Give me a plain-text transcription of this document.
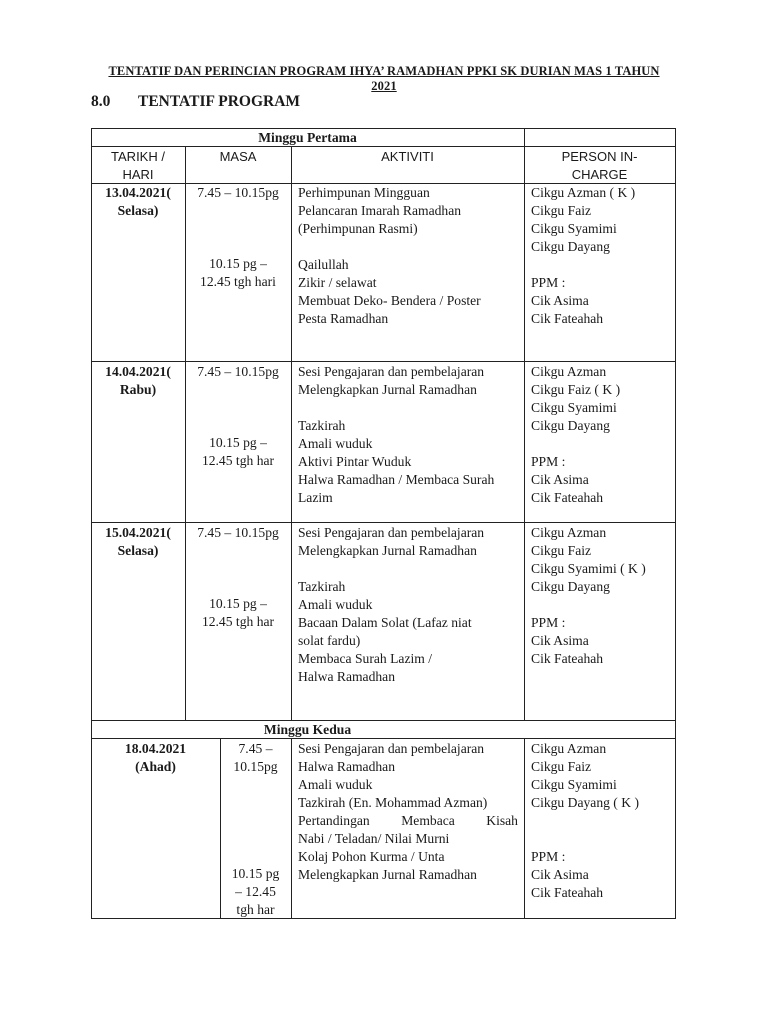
TENTATIF DAN PERINCIAN PROGRAM IHYA’ RAMADHAN PPKI SK DURIAN MAS 1 TAHUN 2021
8.0 TENTATIF PROGRAM
Minggu Pertama
TARIKH /
HARI
MASA	AKTIVITI	PERSON IN-
CHARGE
13.04.2021(
Selasa)
7.45 – 10.15pg
10.15 pg –
12.45 tgh hari
Perhimpunan Mingguan
Pelancaran Imarah Ramadhan
(Perhimpunan Rasmi)
Qailullah
Zikir / selawat
Membuat Deko- Bendera / Poster
Pesta Ramadhan
Cikgu Azman ( K )
Cikgu Faiz
Cikgu Syamimi
Cikgu Dayang
PPM :
Cik Asima
Cik Fateahah
14.04.2021(
Rabu)
7.45 – 10.15pg
10.15 pg –
12.45 tgh har
Sesi Pengajaran dan pembelajaran
Melengkapkan Jurnal Ramadhan
Tazkirah
Amali wuduk
Aktivi Pintar Wuduk
Halwa Ramadhan / Membaca Surah
Lazim
Cikgu Azman
Cikgu Faiz ( K )
Cikgu Syamimi
Cikgu Dayang
PPM :
Cik Asima
Cik Fateahah
15.04.2021(
Selasa)
7.45 – 10.15pg
10.15 pg –
12.45 tgh har
Sesi Pengajaran dan pembelajaran
Melengkapkan Jurnal Ramadhan
Tazkirah
Amali wuduk
Bacaan Dalam Solat (Lafaz niat
solat fardu)
Membaca Surah Lazim /
Halwa Ramadhan
Cikgu Azman
Cikgu Faiz
Cikgu Syamimi ( K )
Cikgu Dayang
PPM :
Cik Asima
Cik Fateahah
Minggu Kedua
18.04.2021
(Ahad)
7.45 –
10.15pg
10.15 pg
– 12.45
tgh har
Sesi Pengajaran dan pembelajaran
Halwa Ramadhan
Amali wuduk
Tazkirah (En. Mohammad Azman)
Pertandingan Membaca Kisah
Nabi / Teladan/ Nilai Murni
Kolaj Pohon Kurma / Unta
Melengkapkan Jurnal Ramadhan
Cikgu Azman
Cikgu Faiz
Cikgu Syamimi
Cikgu Dayang ( K )
PPM :
Cik Asima
Cik Fateahah
